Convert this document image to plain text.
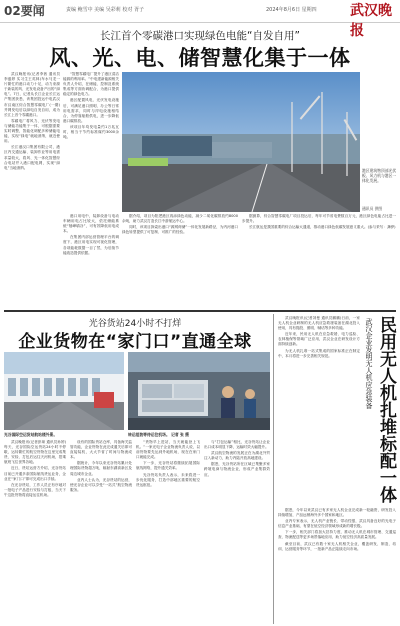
02要闻	责编 鲍雪中 美编 吴彩莉 校对 胥子	2024年8月6日 星期四 武汉晚报
长江首个零碳港口实现绿色电能“自发自用”
风、光、电、储智慧化集于一体

武汉晚报讯(记者李茜 通讯员李盛婷 实习生王英林)车水马龙一片繁忙的港口动力十足，动力来源于新装的风、光发电设备产出的“绿电”。7日，记者从长江企业长江运产集团获悉，该集团投运中电武汉市汉南区综合智慧零碳电厂(一期)并网发电后以绿电自发自用，成为长江上首个零碳港口。

零碳电厂将风力、光伏等发电与储能功能集于一体，可根据需要实时调整，智能化调配多种储能电能，实现“绿电”就地消纳，就近使用。

长江港汉口集团有限公司，港区内交通运输、装卸作业等用电需求量较大，将风、光一体化智慧综合电站并入港口配电网，实现“绿电”当地消纳。

“智慧零碳电厂提升了港区清洁能源的利用率。”中电建新能源相关负责人介绍，在储能、控制及系统集成等方面协调配合，为港口提供稳定的绿色电力。

港区配置风电、光伏发电设施后，可满足港口照明、办公等日常用电需求，同时与岸电设施相结合，为停靠船舶供电，进一步降低港口碳排放。

该项目年均发电量约1万兆瓦时，相当于节约标准煤约3000余吨。

港区建筑物顶部光伏板、风力机与港区一体化发展。
通讯员 供图

港口用电中，装卸设备与电动车辆用电占比较大，依托储能系统“削峰填谷”，可有效降低用电成本。

在集团内部运营管理平台的调度下，港区用电实现可视化管理，各项能耗数据一目了然，为后续节能改造提供依据。

据介绍，项目为阳逻港区再添绿色动能，减少二氧化碳排放约8000余吨，助力武汉打造长江中游航运中心。

同时，该项目探索出港口“源网荷储”一体化发展新路径，为内河港口绿色转型提供了可复制、可推广的经验。

据测算，综合智慧零碳电厂项目投运后，每年可节省电费数百万元，港区绿色电能占比进一步提升。

长江航运是我国重要的综合运输大通道，推动港口绿色低碳发展意义重大。(参与采写：龚骅)

光谷货站24小时不打烊
企业货物在“家门口”直通全球
光谷国际空运货站航站楼外景。	转运组装等待运往机场。 记者 张 摄

武汉晚报讯(记者彭琛 通讯员孙婷)每天，光谷国际空运货站24小时不停歇，运转繁忙的航空货物在这里完成集货、安检、打包后运往天河机场，搭乘航班飞往世界各地。

近日，货站运营方介绍，光谷货站目前已开通多条国际航线货运业务，企业在“家门口”即可完成出口手续。

在光谷货站，工作人员正有序地对一批电子产品进行安检与打板，当天下午这批货物将直接运往机场。

设有的国际货站仓库，具备海关监管功能，企业货物在此完成通关后即可直接装机，大大节省了时间与物流成本。

据统计，今年以来光谷货站累计处理国际货物超万吨，辐射东湖高新区及周边城市企业。

业内人士认为，光谷货站的运营，使光谷企业可以享受“一站式”航空物流服务。

“货物早上进站，当天就能登上飞机。”一家光电子企业物流负责人说，以前货物要先运到外地机场，现在在家门口就能完成。

下一步，光谷货站将继续拓展国际航线网络，提升通关效率。

光谷货站负责人表示，未来将进一步优化服务，打造中部地区重要的航空货运枢纽。

与“打包运输”相比，光谷货站让企业出口成本明显下降，运输时效大幅提升。

武汉航空物流的发展正在为湖北外贸注入新动力，助力内陆开放高地建设。

据悉，光谷货站所在区域已集聚多家跨境电商与物流企业，形成产业集群效应。

武汉企业发明无人机应急装备 民用无人机扎堆标配一体

武汉晚报讯(记者刘曼 通讯员鹏鹏)日前，一家无人机企业研制的无人机应急救援装备在湖北投入使用，具有抛投、照明、喊话等多种功能。

近年来，民用无人机在应急救援、电力巡检、农林植保等领域广泛应用，武汉企业在研发设计方面持续创新。

为无人机扎堆一站式集成的国家标准正在制定中，本月将进一步完善相关规范。

据悉，今年以来武汉已有多家无人机企业完成新一轮融资，研发投入持续增加，产品远销海外多个国家和地区。

业内专家表示，无人机产业链长、带动性强，武汉具备良好的光电子信息产业基础，有望在低空经济领域形成新的增长极。

下一步，相关部门将加大扶持力度，推动无人机在城市管理、交通巡查、物流配送等更多场景落地应用，助力低空经济高质量发展。

截至目前，武汉已有数十家无人机相关企业，覆盖研发、制造、培训、运营服务等环节，一批新产品正陆续走向市场。
